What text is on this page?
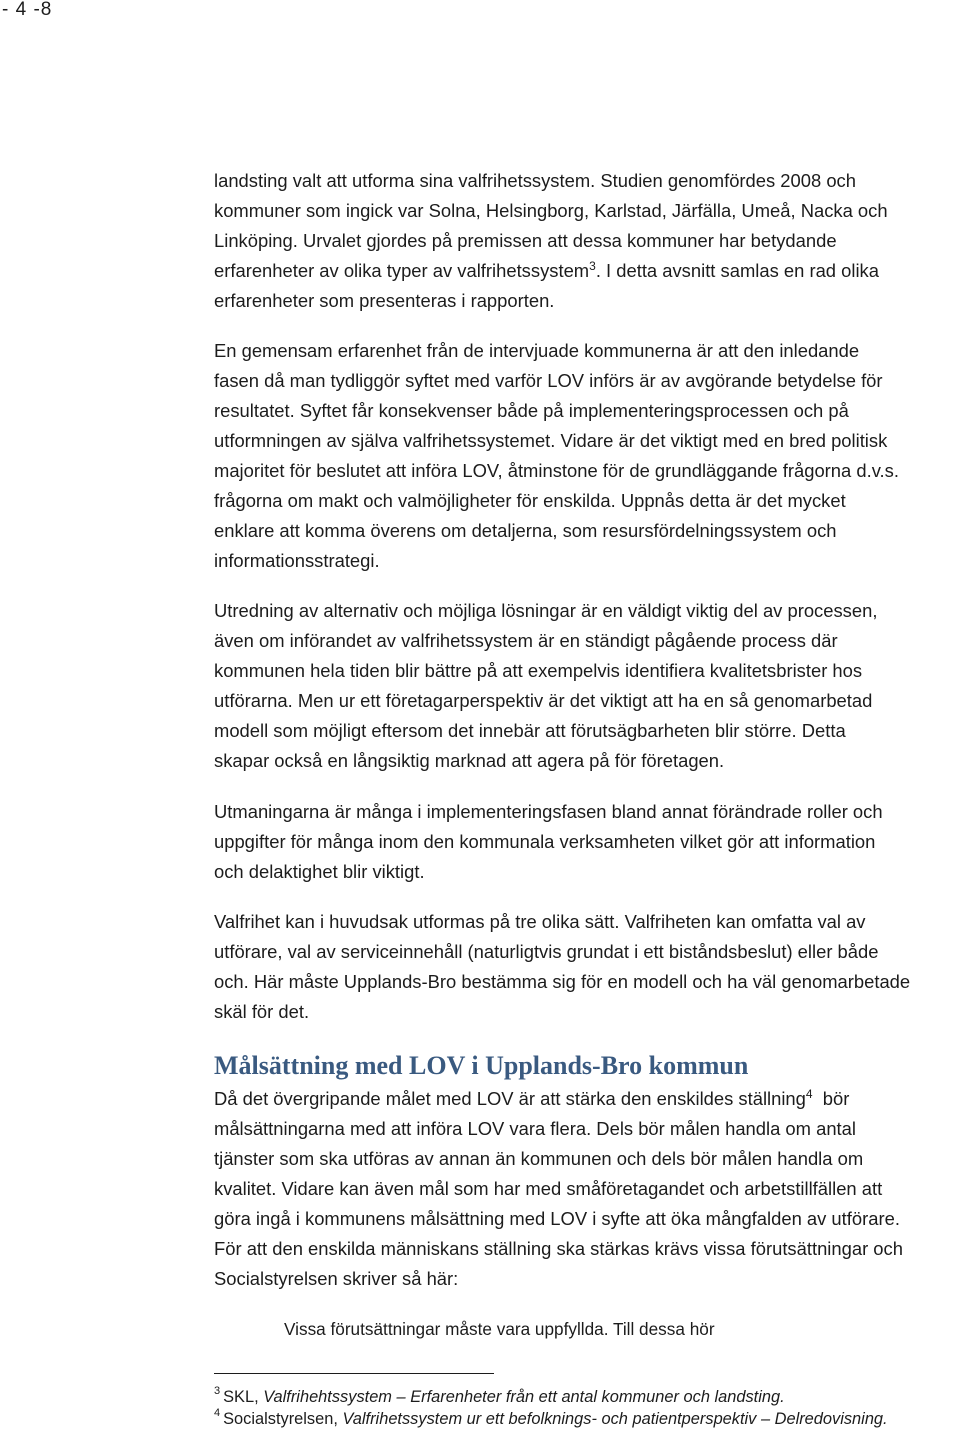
- 4 -8

landsting valt att utforma sina valfrihetssystem. Studien genomfördes 2008 och
kommuner som ingick var Solna, Helsingborg, Karlstad, Järfälla, Umeå, Nacka och
Linköping. Urvalet gjordes på premissen att dessa kommuner har betydande
erfarenheter av olika typer av valfrihetssystem$^3$. I detta avsnitt samlas en rad olika
erfarenheter som presenteras i rapporten.

En gemensam erfarenhet från de intervjuade kommunerna är att den inledande
fasen då man tydliggör syftet med varför LOV införs är av avgörande betydelse för
resultatet. Syftet får konsekvenser både på implementeringsprocessen och på
utformningen av själva valfrihetssystemet. Vidare är det viktigt med en bred politisk
majoritet för beslutet att införa LOV, åtminstone för de grundläggande frågorna d.v.s.
frågorna om makt och valmöjligheter för enskilda. Uppnås detta är det mycket
enklare att komma överens om detaljerna, som resursfördelningssystem och
informationsstrategi.

Utredning av alternativ och möjliga lösningar är en väldigt viktig del av processen,
även om införandet av valfrihetssystem är en ständigt pågående process där
kommunen hela tiden blir bättre på att exempelvis identifiera kvalitetsbrister hos
utförarna. Men ur ett företagarperspektiv är det viktigt att ha en så genomarbetad
modell som möjligt eftersom det innebär att förutsägbarheten blir större. Detta
skapar också en långsiktig marknad att agera på för företagen.

Utmaningarna är många i implementeringsfasen bland annat förändrade roller och
uppgifter för många inom den kommunala verksamheten vilket gör att information
och delaktighet blir viktigt.

Valfrihet kan i huvudsak utformas på tre olika sätt. Valfriheten kan omfatta val av
utförare, val av serviceinnehåll (naturligtvis grundat i ett biståndsbeslut) eller både
och. Här måste Upplands-Bro bestämma sig för en modell och ha väl genomarbetade
skäl för det.

Målsättning med LOV i Upplands-Bro kommun

Då det övergripande målet med LOV är att stärka den enskildes ställning$^4$  bör
målsättningarna med att införa LOV vara flera. Dels bör målen handla om antal
tjänster som ska utföras av annan än kommunen och dels bör målen handla om
kvalitet. Vidare kan även mål som har med småföretagandet och arbetstillfällen att
göra ingå i kommunens målsättning med LOV i syfte att öka mångfalden av utförare.
För att den enskilda människans ställning ska stärkas krävs vissa förutsättningar och
Socialstyrelsen skriver så här:

Vissa förutsättningar måste vara uppfyllda. Till dessa hör
$^3$ SKL, Valfrihehtssystem – Erfarenheter från ett antal kommuner och landsting.
$^4$ Socialstyrelsen, Valfrihetssystem ur ett befolknings- och patientperspektiv – Delredovisning.
